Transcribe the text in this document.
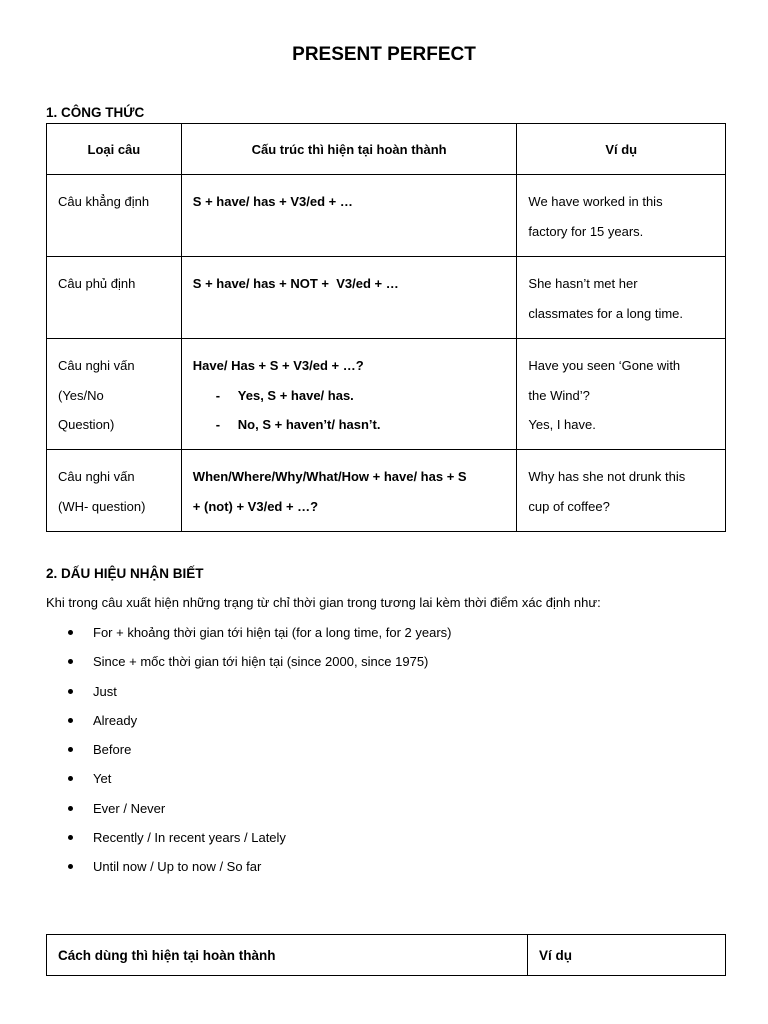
PRESENT PERFECT
1. CÔNG THỨC
Loại câu	Cấu trúc thì hiện tại hoàn thành	Ví dụ
Câu khẳng định	S + have/ has + V3/ed + …	We have worked in this
factory for 15 years.
Câu phủ định	S + have/ has + NOT +  V3/ed + …	She hasn’t met her
classmates for a long time.
Câu nghi vấn
(Yes/No
Question)	Have/ Has + S + V3/ed + …?
- Yes, S + have/ has.
- No, S + haven’t/ hasn’t.	Have you seen ‘Gone with
the Wind’?
Yes, I have.
Câu nghi vấn
(WH- question)	When/Where/Why/What/How + have/ has + S
+ (not) + V3/ed + …?	Why has she not drunk this
cup of coffee?
2. DẤU HIỆU NHẬN BIẾT
Khi trong câu xuất hiện những trạng từ chỉ thời gian trong tương lai kèm thời điểm xác định như:
For + khoảng thời gian tới hiện tại (for a long time, for 2 years)
Since + mốc thời gian tới hiện tại (since 2000, since 1975)
Just
Already
Before
Yet
Ever / Never
Recently / In recent years / Lately
Until now / Up to now / So far
Cách dùng thì hiện tại hoàn thành	Ví dụ
